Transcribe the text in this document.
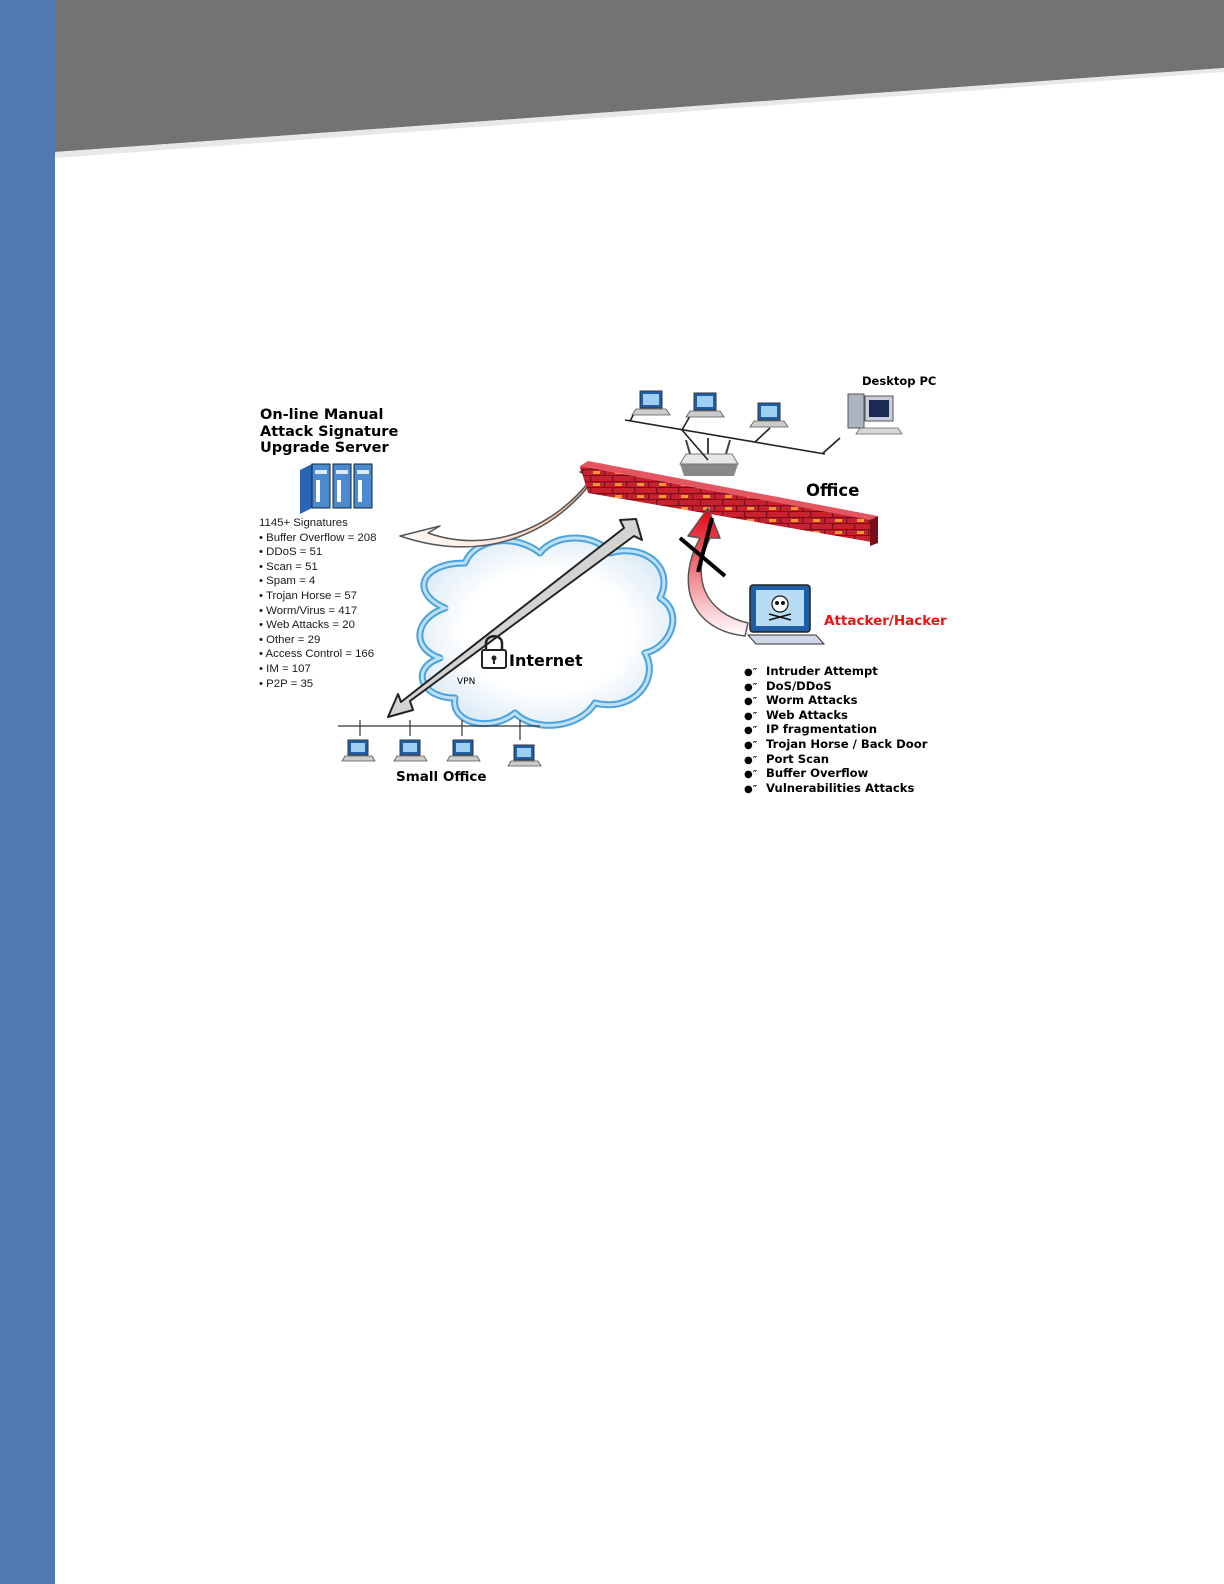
On-line Manual
Attack Signature
Upgrade Server
1145+ Signatures
• Buffer Overflow = 208
• DDoS = 51
• Scan = 51
• Spam = 4
• Trojan Horse = 57
• Worm/Virus = 417
• Web Attacks = 20
• Other = 29
• Access Control = 166
• IM = 107
• P2P = 35
Desktop PC
Office
Internet
VPN
Small Office
Attacker/Hacker
●″ Intruder Attempt
●″ DoS/DDoS
●″ Worm Attacks
●″ Web Attacks
●″ IP fragmentation
●″ Trojan Horse / Back Door
●″ Port Scan
●″ Buffer Overflow
●″ Vulnerabilities Attacks
